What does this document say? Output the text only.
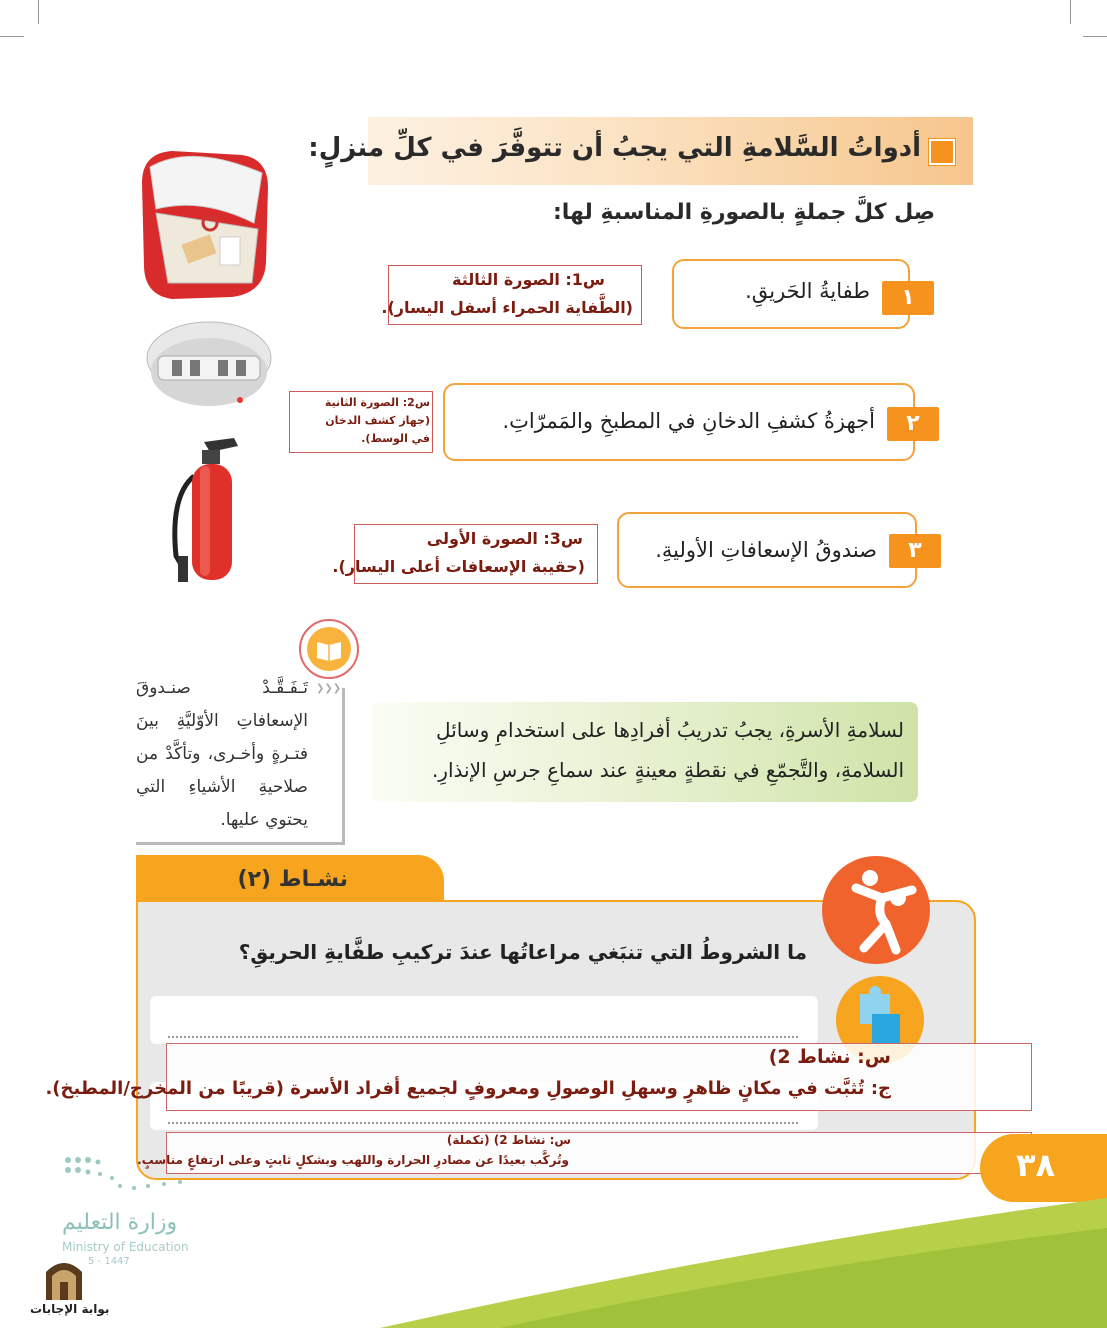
أدواتُ السَّلامةِ التي يجبُ أن تتوفَّرَ في كلِّ منزلٍ:
صِل كلَّ جملةٍ بالصورةِ المناسبةِ لها:
١
طفايةُ الحَريقِ.
س1: الصورة الثالثة
(الطَّفاية الحمراء أسفل اليسار).
٢
أجهزةُ كشفِ الدخانِ في المطبخِ والمَمرّاتِ.
س2: الصورة الثانية
(جهاز كشف الدخان في الوسط).
٣
صندوقُ الإسعافاتِ الأوليةِ.
س3: الصورة الأولى
(حقيبة الإسعافات أعلى اليسار).
❯❯❯
تَـفَـقَّـدْ صنـدوقَ الإسعافاتِ الأوّليَّةِ بينَ فتـرةٍ وأخـرى، وتأكَّدْ من صلاحيةِ الأشياءِ التي يحتوي عليها.
لسلامةِ الأسرةِ، يجبُ تدريبُ أفرادِها على استخدامِ وسائلِ السلامةِ، والتَّجمّعِ في نقطةٍ معينةٍ عند سماعِ جرسِ الإنذارِ.
نشـاط (٢)
ما الشروطُ التي تنبَغي مراعاتُها عندَ تركيبِ طفَّايةِ الحريقِ؟
س: نشاط 2)
ج: تُثبَّت في مكانٍ ظاهرٍ وسهلِ الوصولِ ومعروفٍ لجميع أفراد الأسرة (قريبًا من المخرج/المطبخ).
س: نشاط 2) (تكملة)
وتُركَّب بعيدًا عن مصادرِ الحرارة واللهب وبشكلٍ ثابتٍ وعلى ارتفاعٍ مناسبٍ.	٣٨
وزارة التعليم
Ministry of Education
5 - 1447
بوابة الإجابات
